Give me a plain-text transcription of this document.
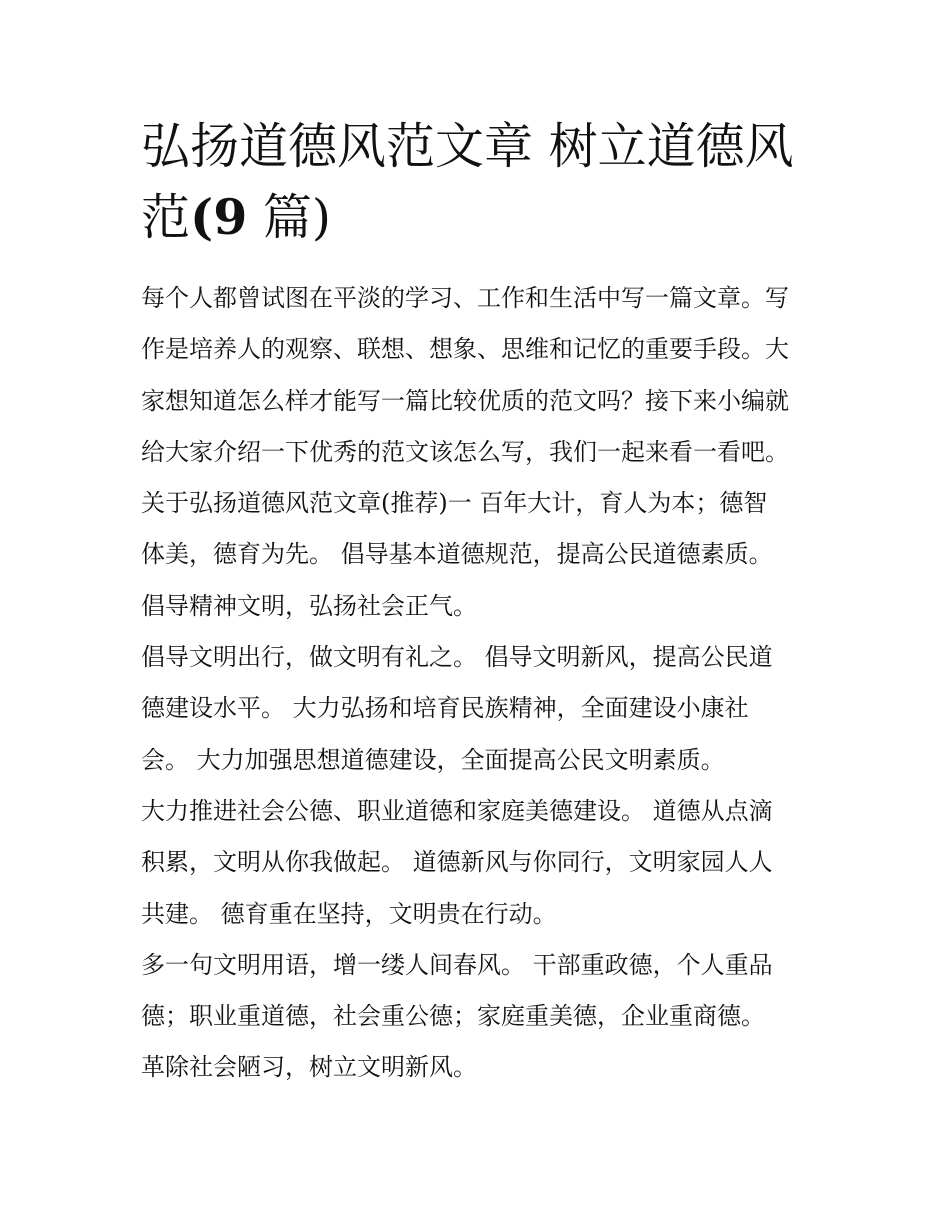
弘扬道德风范文章 树立道德风
范(9 篇)
每个人都曾试图在平淡的学习、工作和生活中写一篇文章。写
作是培养人的观察、联想、想象、思维和记忆的重要手段。大
家想知道怎么样才能写一篇比较优质的范文吗？接下来小编就
给大家介绍一下优秀的范文该怎么写，我们一起来看一看吧。
关于弘扬道德风范文章(推荐)一 百年大计，育人为本；德智
体美，德育为先。 倡导基本道德规范，提高公民道德素质。
倡导精神文明，弘扬社会正气。
倡导文明出行，做文明有礼之。 倡导文明新风，提高公民道
德建设水平。 大力弘扬和培育民族精神，全面建设小康社
会。 大力加强思想道德建设，全面提高公民文明素质。
大力推进社会公德、职业道德和家庭美德建设。 道德从点滴
积累，文明从你我做起。 道德新风与你同行，文明家园人人
共建。 德育重在坚持，文明贵在行动。
多一句文明用语，增一缕人间春风。 干部重政德，个人重品
德；职业重道德，社会重公德；家庭重美德，企业重商德。
革除社会陋习，树立文明新风。
